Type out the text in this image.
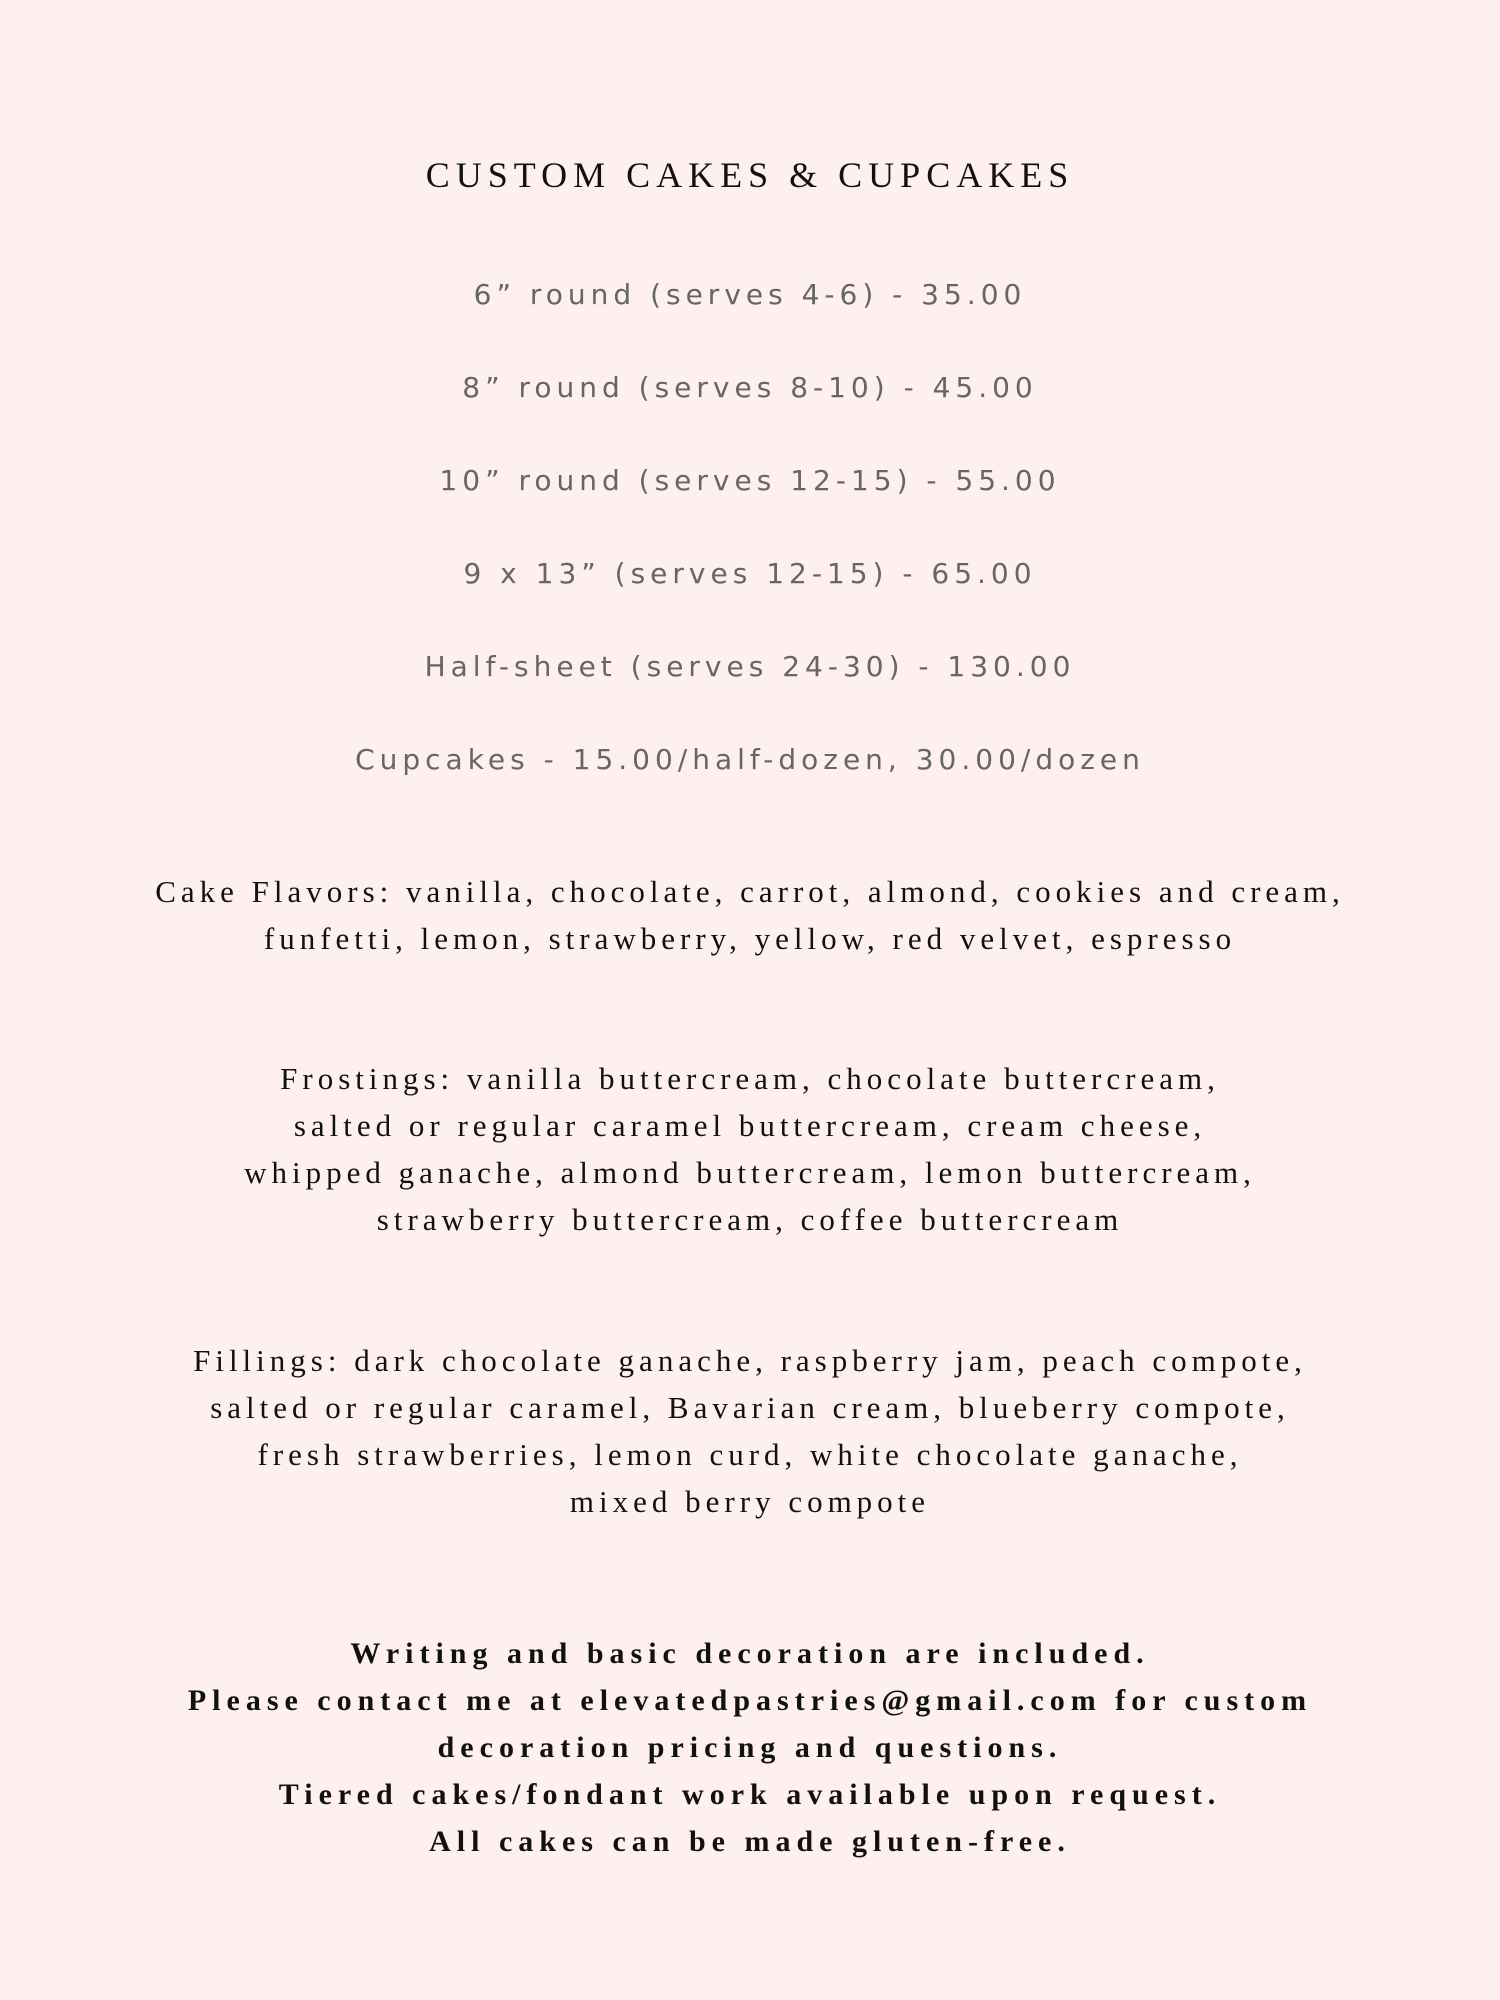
CUSTOM CAKES & CUPCAKES
6” round (serves 4-6) - 35.00
8” round (serves 8-10) - 45.00
10” round (serves 12-15) - 55.00
9 x 13” (serves 12-15) - 65.00
Half-sheet (serves 24-30) - 130.00
Cupcakes - 15.00/half-dozen, 30.00/dozen
Cake Flavors: vanilla, chocolate, carrot, almond, cookies and cream,
funfetti, lemon, strawberry, yellow, red velvet, espresso
Frostings: vanilla buttercream, chocolate buttercream,
salted or regular caramel buttercream, cream cheese,
whipped ganache, almond buttercream, lemon buttercream,
strawberry buttercream, coffee buttercream
Fillings: dark chocolate ganache, raspberry jam, peach compote,
salted or regular caramel, Bavarian cream, blueberry compote,
fresh strawberries, lemon curd, white chocolate ganache,
mixed berry compote
Writing and basic decoration are included.
Please contact me at elevatedpastries@gmail.com for custom
decoration pricing and questions.
Tiered cakes/fondant work available upon request.
All cakes can be made gluten-free.
